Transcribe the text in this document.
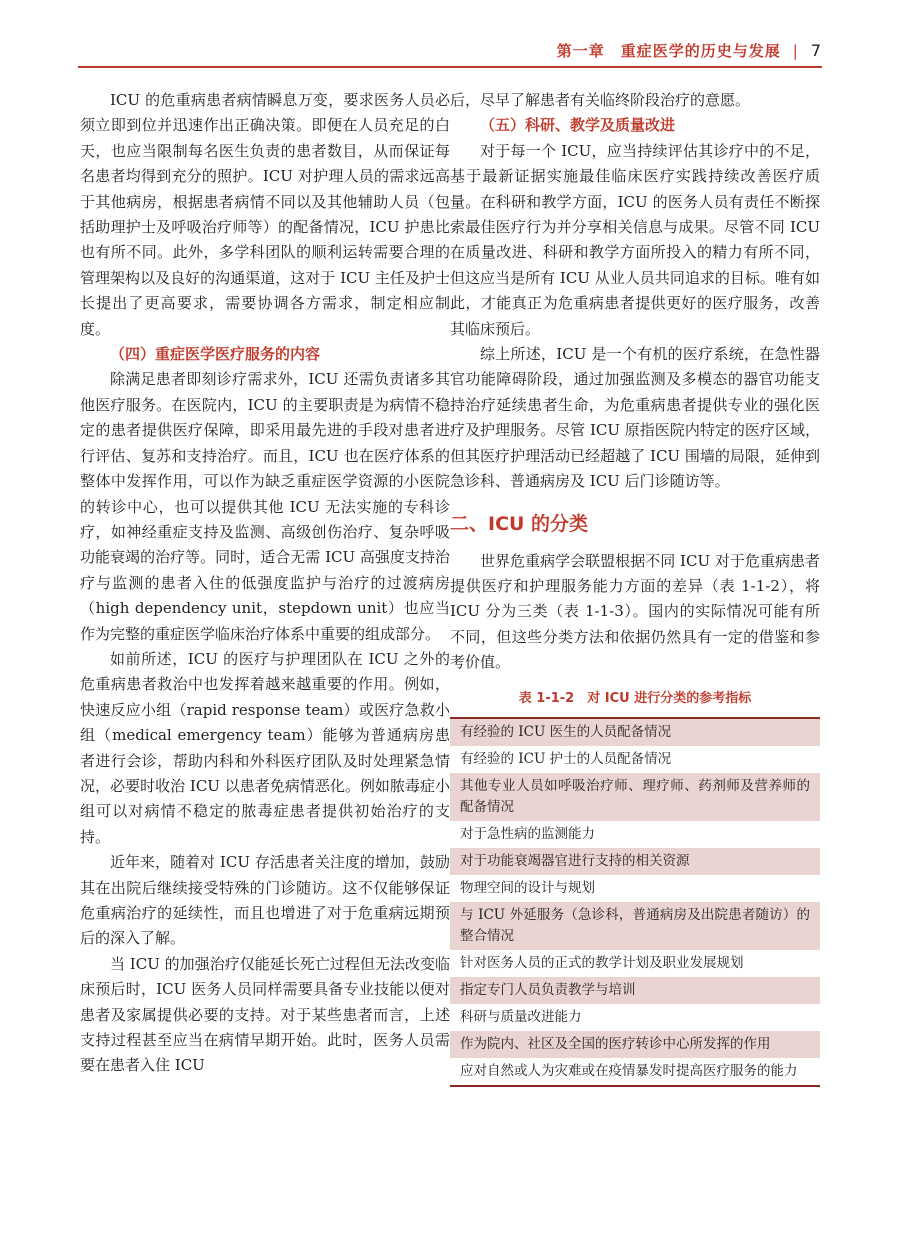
第一章　重症医学的历史与发展 | 7

ICU 的危重病患者病情瞬息万变，要求医务人员必须立即到位并迅速作出正确决策。即便在人员充足的白天，也应当限制每名医生负责的患者数目，从而保证每名患者均得到充分的照护。ICU 对护理人员的需求远高于其他病房，根据患者病情不同以及其他辅助人员（包括助理护士及呼吸治疗师等）的配备情况，ICU 护患比也有所不同。此外，多学科团队的顺利运转需要合理的管理架构以及良好的沟通渠道，这对于 ICU 主任及护士长提出了更高要求，需要协调各方需求，制定相应制度。

（四）重症医学医疗服务的内容

除满足患者即刻诊疗需求外，ICU 还需负责诸多其他医疗服务。在医院内，ICU 的主要职责是为病情不稳定的患者提供医疗保障，即采用最先进的手段对患者进行评估、复苏和支持治疗。而且，ICU 也在医疗体系的整体中发挥作用，可以作为缺乏重症医学资源的小医院的转诊中心，也可以提供其他 ICU 无法实施的专科诊疗，如神经重症支持及监测、高级创伤治疗、复杂呼吸功能衰竭的治疗等。同时，适合无需 ICU 高强度支持治疗与监测的患者入住的低强度监护与治疗的过渡病房（high dependency unit，stepdown unit）也应当作为完整的重症医学临床治疗体系中重要的组成部分。

如前所述，ICU 的医疗与护理团队在 ICU 之外的危重病患者救治中也发挥着越来越重要的作用。例如，快速反应小组（rapid response team）或医疗急救小组（medical emergency team）能够为普通病房患者进行会诊，帮助内科和外科医疗团队及时处理紧急情况，必要时收治 ICU 以患者免病情恶化。例如脓毒症小组可以对病情不稳定的脓毒症患者提供初始治疗的支持。

近年来，随着对 ICU 存活患者关注度的增加，鼓励其在出院后继续接受特殊的门诊随访。这不仅能够保证危重病治疗的延续性，而且也增进了对于危重病远期预后的深入了解。

当 ICU 的加强治疗仅能延长死亡过程但无法改变临床预后时，ICU 医务人员同样需要具备专业技能以便对患者及家属提供必要的支持。对于某些患者而言，上述支持过程甚至应当在病情早期开始。此时，医务人员需要在患者入住 ICU

后，尽早了解患者有关临终阶段治疗的意愿。

（五）科研、教学及质量改进

对于每一个 ICU，应当持续评估其诊疗中的不足，基于最新证据实施最佳临床医疗实践持续改善医疗质量。在科研和教学方面，ICU 的医务人员有责任不断探索最佳医疗行为并分享相关信息与成果。尽管不同 ICU 在质量改进、科研和教学方面所投入的精力有所不同，但这应当是所有 ICU 从业人员共同追求的目标。唯有如此，才能真正为危重病患者提供更好的医疗服务，改善其临床预后。

综上所述，ICU 是一个有机的医疗系统，在急性器官功能障碍阶段，通过加强监测及多模态的器官功能支持治疗延续患者生命，为危重病患者提供专业的强化医疗及护理服务。尽管 ICU 原指医院内特定的医疗区域，但其医疗护理活动已经超越了 ICU 围墙的局限，延伸到急诊科、普通病房及 ICU 后门诊随访等。

二、ICU 的分类

世界危重病学会联盟根据不同 ICU 对于危重病患者提供医疗和护理服务能力方面的差异（表 1-1-2），将 ICU 分为三类（表 1-1-3）。国内的实际情况可能有所不同，但这些分类方法和依据仍然具有一定的借鉴和参考价值。

表 1-1-2　对 ICU 进行分类的参考指标
有经验的 ICU 医生的人员配备情况
有经验的 ICU 护士的人员配备情况
其他专业人员如呼吸治疗师、理疗师、药剂师及营养师的配备情况
对于急性病的监测能力
对于功能衰竭器官进行支持的相关资源
物理空间的设计与规划
与 ICU 外延服务（急诊科，普通病房及出院患者随访）的整合情况
针对医务人员的正式的教学计划及职业发展规划
指定专门人员负责教学与培训
科研与质量改进能力
作为院内、社区及全国的医疗转诊中心所发挥的作用
应对自然或人为灾难或在疫情暴发时提高医疗服务的能力
